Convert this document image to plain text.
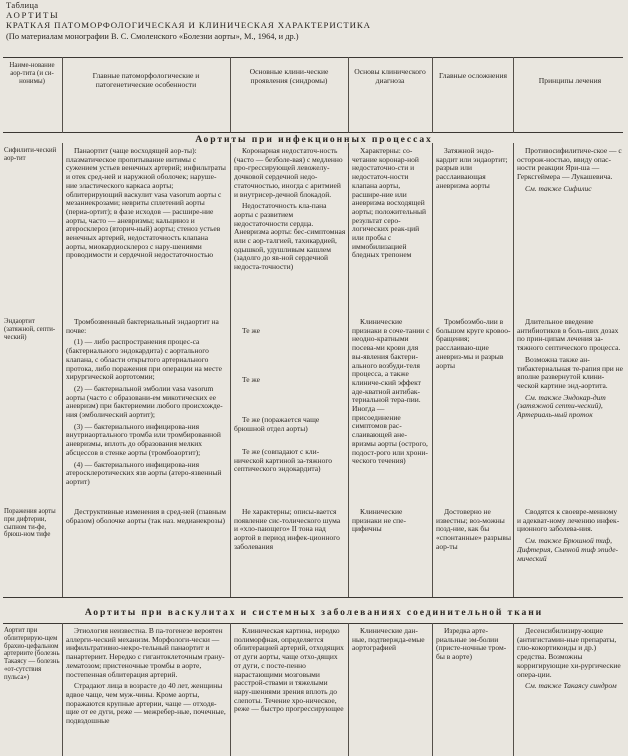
Таблица
АОРТИТЫ
КРАТКАЯ ПАТОМОРФОЛОГИЧЕСКАЯ И КЛИНИЧЕСКАЯ ХАРАКТЕРИСТИКА
(По материалам монографии В. С. Смоленского «Болезни аорты», М., 1964, и др.)
Наиме-нование аор-тита (и си-нонимы)
Главные патоморфологические и патогенетические особенности
Основные клини-ческие проявления (синдромы)
Основы клинического диагноза
Главные осложнения
Принципы лечения
Аортиты при инфекционных процессах

Сифилити-ческий аор-тит

Панаортит (чаще восходящей аор-ты): плазматическое пропитывание интимы с сужением устьев венечных артерий; инфильтраты и отек сред-ней и наружной оболочек; наруше-ние эластического каркаса аорты; облитерирующий васкулит vasa vasorum аорты с мезаниекрозами; невриты сплетений аорты (периа-ортит); в фазе исходов — расшире-ние аорты, часто — аневризмы; кальциноз и атеросклероз (вторич-ный) аорты; стеноз устьев венечных артерий, недостаточность клапана аорты, миокардиосклероз с нару-шениями проводимости и сердечной недостаточностью

Коронарная недостаточ-ность (часто — безболе-вая) с медленно про-грессирующей левожелу-дочковой сердечной недо-статочностью, иногда с аритмией и внутрисер-дечной блокадой.

Недостаточность кла-пана аорты с развитием недостаточности сердца. Аневризма аорты: бес-симптомная или с аор-талгией, тахикардией, одышкой, удушливым кашлем (задолго до яв-ной сердечной недоста-точности)

Характерны: со-четание коронар-ной недостаточно-сти и недостаточ-ности клапана аорты, расшире-ние или аневризма восходящей аорты; положительный результат серо-логических реак-ций или пробы с иммобилизацией бледных трепонем

Затяжной эндо-кардит или эндаортит; разрыв или расслаивающая аневризма аорты

Противосифилитиче-ское — с осторож-ностью, ввиду опас-ности реакции Яри-ша — Герксгеймера — Лукашевича.

См. также Сифилис

Эндаортит (затяжной, септи-ческий)

Тромбозвенный бактериальный эндаортит на почве:

(1) — либо распространения процес-са (бактериального эндокардита) с аортального клапана, с области открытого артериального протока, либо поражения при операции на месте хирургической аортотомии;

(2) — бактериальной эмболии vasa vasorum аорты (часто с образовани-ем микотических ее аневризм) при бактериемии любого происхожде-ния (эмболический аортит);

(3) — бактериального инфицирова-ния внутриаортального тромба или тромбированной аневризмы, вплоть до образования мелких абсцессов в стенке аорты (тромбоаортит);

(4) — бактериального инфицирова-ния атеросклеротических язв аорты (атеро-язвенный аортит)

Те же

Те же

Те же (поражается чаще брюшной отдел аорты)

Те же (совпадают с кли-нической картиной за-тяжного септического эндокардита)

Клинические признаки в соче-тании с неодно-кратными посева-ми крови для вы-явления бактери-ального возбуди-теля процесса, а также клиниче-ский эффект аде-кватной антибак-териальной тера-пии. Иногда — присоединение симптомов рас-слаивающей ане-вризмы аорты (острого, подост-рого или хрони-ческого течения)

Тромбоэмбо-лии в большом круге кровоо-бращения; расслаиваю-щие аневриз-мы и разрыв аорты

Длительное введение антибиотиков в боль-ших дозах по прин-ципам лечения за-тяжного септического процесса.

Возможна также ан-тибактериальная те-рапия при не вполне развернутой клини-ческой картине энд-аортита.

См. также Эндокар-дит (затяжной септи-ческий), Артериаль-ный проток

Поражения аорты при дифтерии, сыпном ти-фе, брюш-ном тифе

Деструктивные изменения в сред-ней (главным образом) оболочке аорты (так наз. медианекрозы)

Не характерны; описы-вается появление сис-толического шума и «хло-пающего» II тона над аортой в период инфек-ционного заболевания

Клинические признаки не спе-цифичны

Достоверно не известны; воз-можны позд-ние, как бы «спонтанные» разрывы аор-ты

Сводятся к своевре-менному и адекват-ному лечению инфек-ционного заболева-ния.

См. также Брюшной тиф, Дифтерия, Сыпной тиф эпиде-мический

Аортиты при васкулитах и системных заболеваниях соединительной ткани

Аортит при облитерирую-щем брахио-цефальном артериите (болезнь Такаясу — болезнь «от-сутствия пульса»)

Этиология неизвестна. В па-тогенезе вероятен аллерги-ческий механизм. Морфологи-чески — инфильтративно-некро-тельный панаортит и панартериит. Нередко с гигантоклеточным грану-лематозом; пристеночные тромбы в аорте, постепенная облитерация артерий.

Страдают лица в возрасте до 40 лет, женщины вдвое чаще, чем муж-чины. Кроме аорты, поражаются крупные артерии, чаще — отходя-щие от ее дуги, реже — межребер-ные, почечные, подвздошные

Клиническая картина, нередко полиморфная, определяется облитерацией артерий, отходящих от дуги аорты, чаще отхо-дящих от дуги, с посте-пенно нарастающими мозговыми расстрой-ствами и тяжелыми нару-шениями зрения вплоть до слепоты. Течение хро-ническое, реже — быстро прогрессирующее

Клинические дан-ные, подтвержда-емые аортографией

Изредка арте-риальные эм-болии (присте-ночные тром-бы в аорте)

Десенсибилизиру-ющие (антигистамин-ные препараты, глю-кокортикоиды и др.) средства. Возможны корригирующие хи-рургические опера-ции.

См. также Такаясу синдром
